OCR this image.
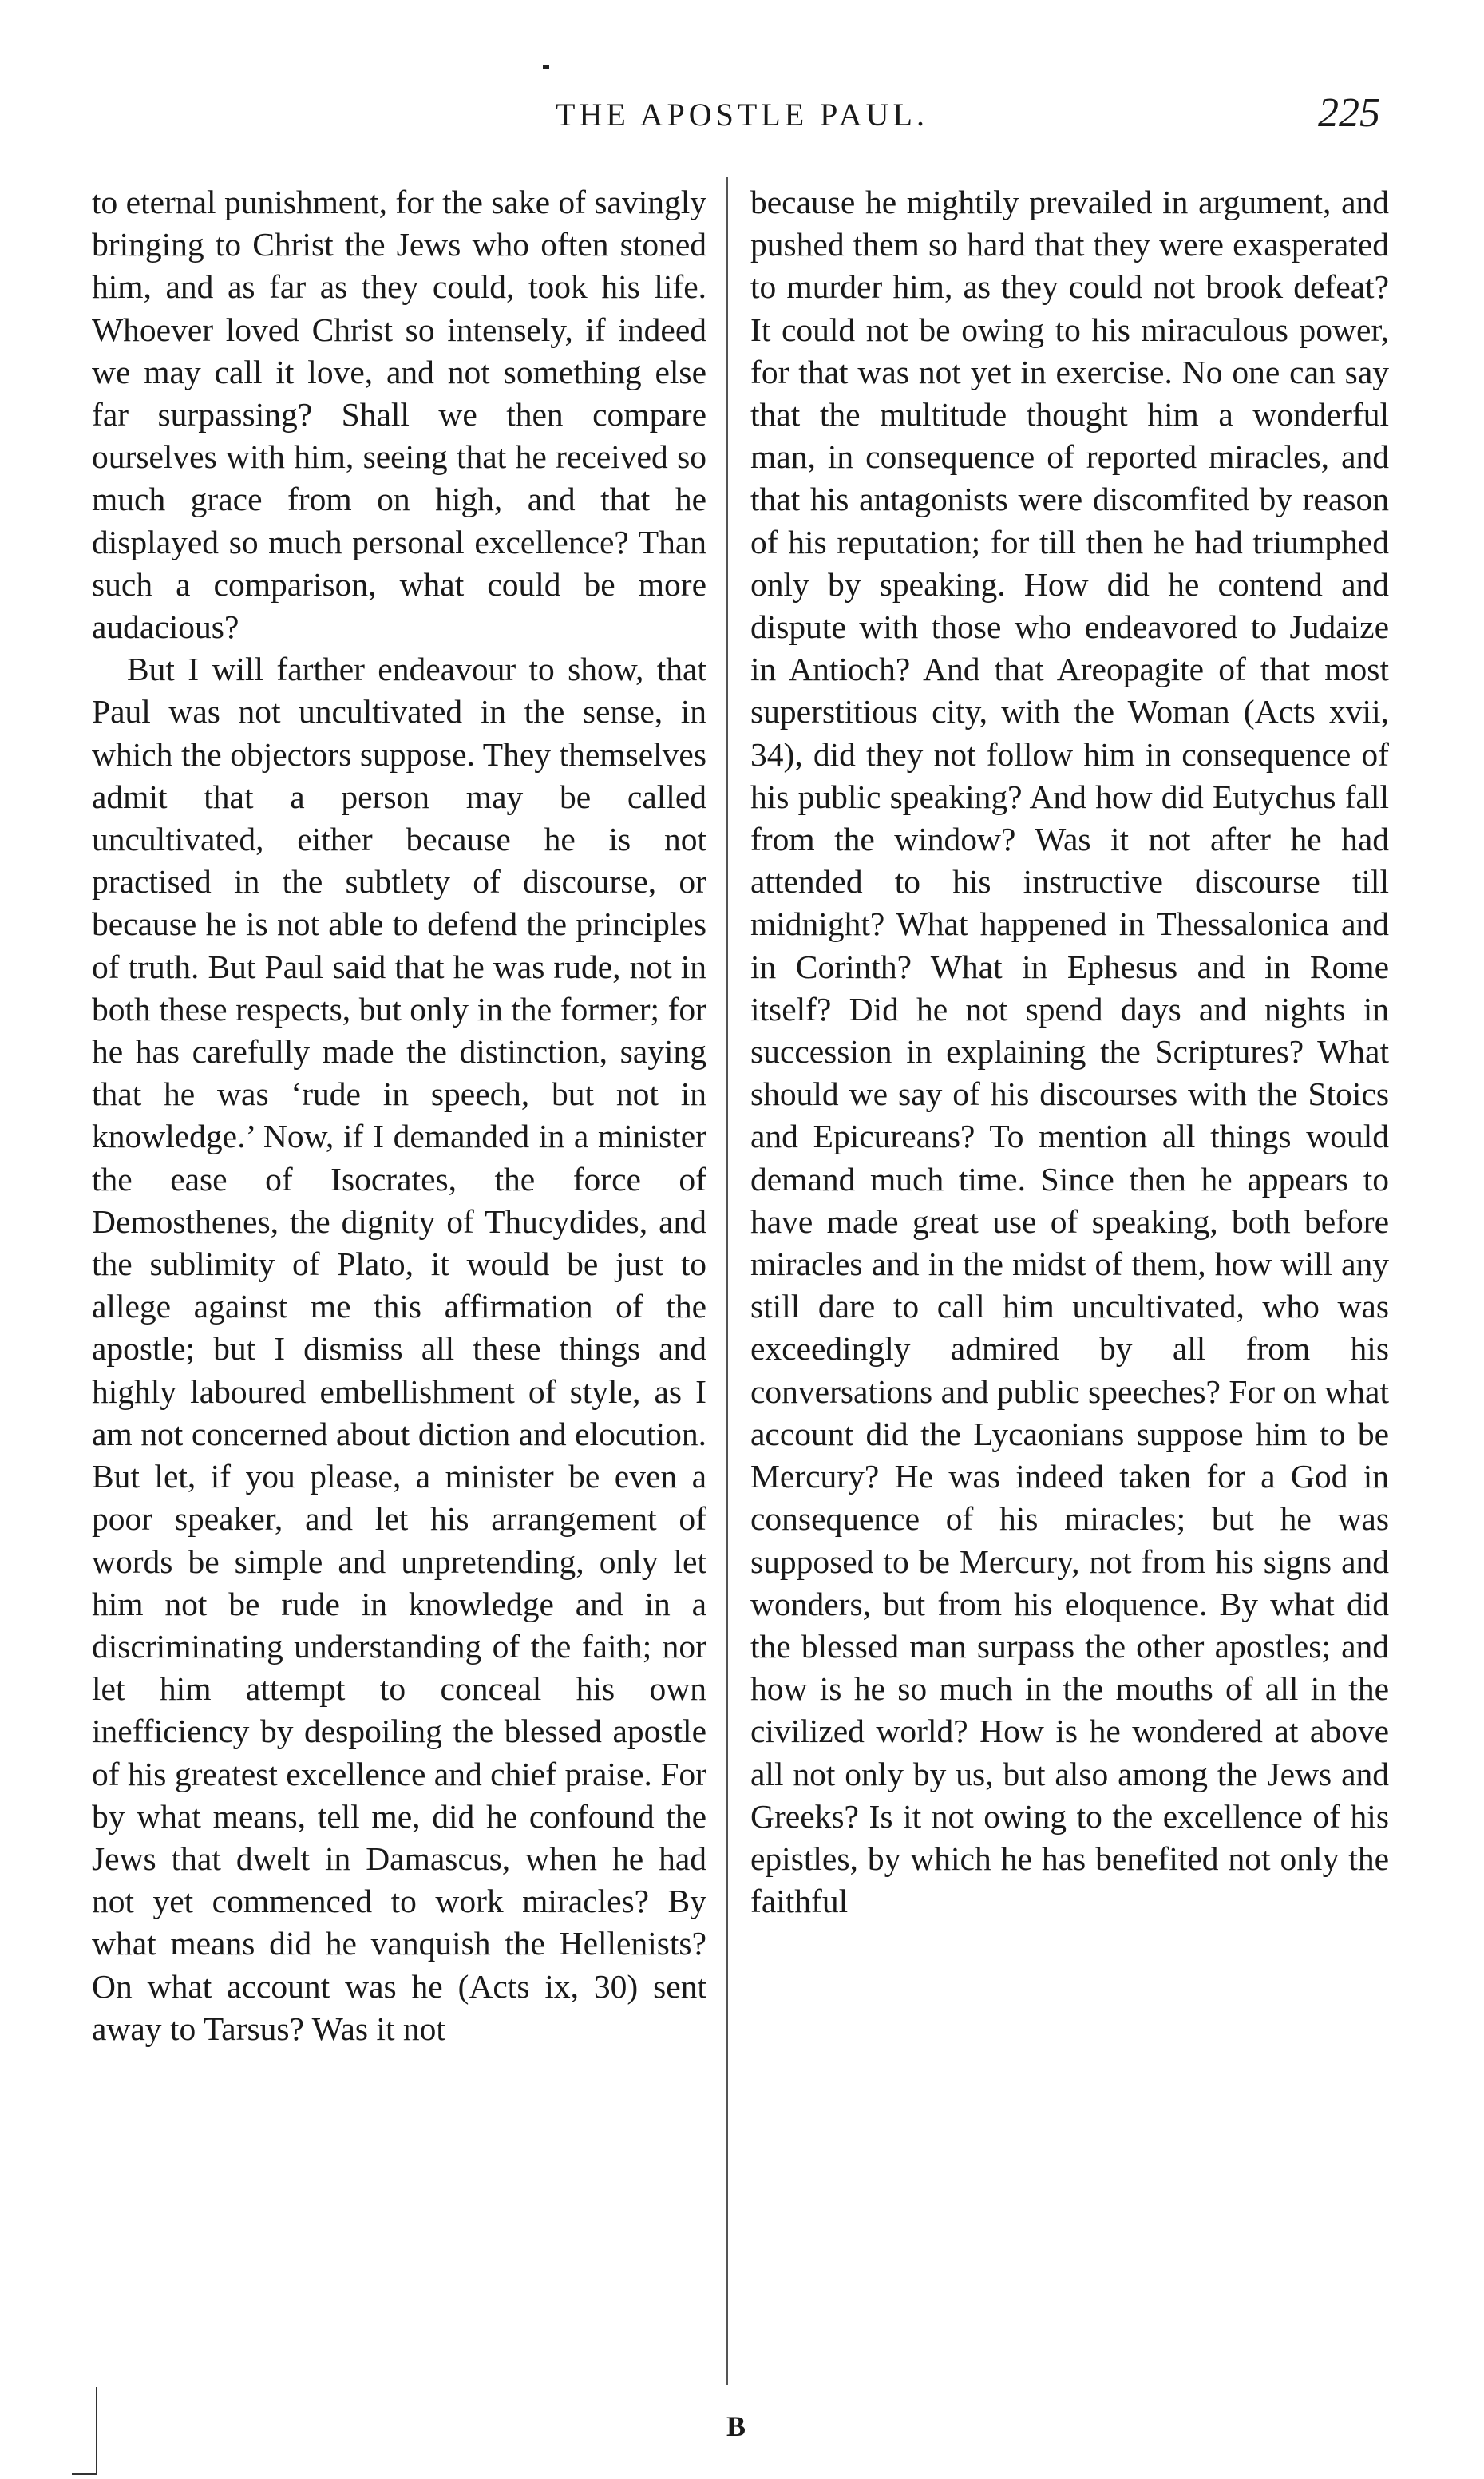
THE APOSTLE PAUL.	225

to eternal punishment, for the sake of savingly bringing to Christ the Jews who often stoned him, and as far as they could, took his life. Whoever loved Christ so intensely, if indeed we may call it love, and not something else far surpassing? Shall we then compare ourselves with him, seeing that he received so much grace from on high, and that he displayed so much personal excellence? Than such a comparison, what could be more audacious?

But I will farther endeavour to show, that Paul was not uncultivated in the sense, in which the objectors suppose. They themselves admit that a person may be called uncultivated, either because he is not practised in the subtlety of discourse, or because he is not able to defend the principles of truth. But Paul said that he was rude, not in both these respects, but only in the former; for he has carefully made the distinction, saying that he was ‘rude in speech, but not in knowledge.’ Now, if I demanded in a minister the ease of Isocrates, the force of Demosthenes, the dignity of Thucydides, and the sublimity of Plato, it would be just to allege against me this affirmation of the apostle; but I dismiss all these things and highly laboured embellishment of style, as I am not concerned about diction and elocution. But let, if you please, a minister be even a poor speaker, and let his arrangement of words be simple and unpretending, only let him not be rude in knowledge and in a discriminating understanding of the faith; nor let him attempt to conceal his own inefficiency by despoiling the blessed apostle of his greatest excellence and chief praise. For by what means, tell me, did he confound the Jews that dwelt in Damascus, when he had not yet commenced to work miracles? By what means did he vanquish the Hellenists? On what account was he (Acts ix, 30) sent away to Tarsus? Was it not

because he mightily prevailed in argument, and pushed them so hard that they were exasperated to murder him, as they could not brook defeat? It could not be owing to his miraculous power, for that was not yet in exercise. No one can say that the multitude thought him a wonderful man, in consequence of reported miracles, and that his antagonists were discomfited by reason of his reputation; for till then he had triumphed only by speaking. How did he contend and dispute with those who endeavored to Judaize in Antioch? And that Areopagite of that most superstitious city, with the Woman (Acts xvii, 34), did they not follow him in consequence of his public speaking? And how did Eutychus fall from the window? Was it not after he had attended to his instructive discourse till midnight? What happened in Thessalonica and in Corinth? What in Ephesus and in Rome itself? Did he not spend days and nights in succession in explaining the Scriptures? What should we say of his discourses with the Stoics and Epicureans? To mention all things would demand much time. Since then he appears to have made great use of speaking, both before miracles and in the midst of them, how will any still dare to call him uncultivated, who was exceedingly admired by all from his conversations and public speeches? For on what account did the Lycaonians suppose him to be Mercury? He was indeed taken for a God in consequence of his miracles; but he was supposed to be Mercury, not from his signs and wonders, but from his eloquence. By what did the blessed man surpass the other apostles; and how is he so much in the mouths of all in the civilized world? How is he wondered at above all not only by us, but also among the Jews and Greeks? Is it not owing to the excellence of his epistles, by which he has benefited not only the faithful

B
